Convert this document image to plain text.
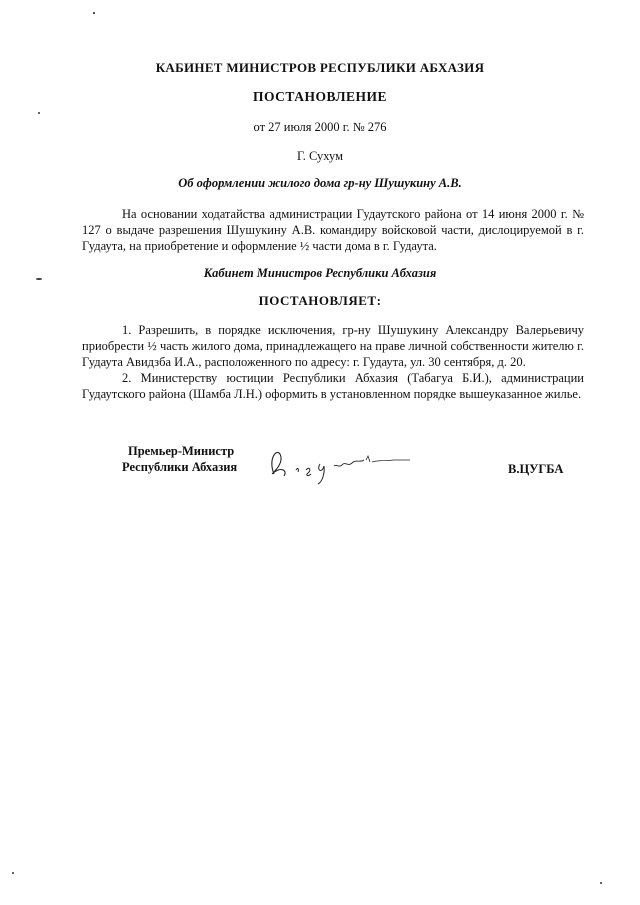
КАБИНЕТ МИНИСТРОВ РЕСПУБЛИКИ АБХАЗИЯ
ПОСТАНОВЛЕНИЕ
от 27 июля 2000 г. № 276
Г. Сухум
Об оформлении жилого дома гр-ну Шушукину А.В.

На основании ходатайства администрации Гудаутского района от 14 июня 2000 г. № 127 о выдаче разрешения Шушукину А.В. командиру войсковой части, дислоцируемой в г. Гудаута, на приобретение и оформление ½ части дома в г. Гудаута.

Кабинет Министров Республики Абхазия
ПОСТАНОВЛЯЕТ:

1. Разрешить, в порядке исключения, гр-ну Шушукину Александру Валерьевичу приобрести ½ часть жилого дома, принадлежащего на праве личной собственности жителю г. Гудаута Авидзба И.А., расположенного по адресу: г. Гудаута, ул. 30 сентября, д. 20.

2. Министерству юстиции Республики Абхазия (Табагуа Б.И.), администрации Гудаутского района (Шамба Л.Н.) оформить в установленном порядке вышеуказанное жилье.

Премьер-Министр
Республики Абхазия	В.ЦУГБА
